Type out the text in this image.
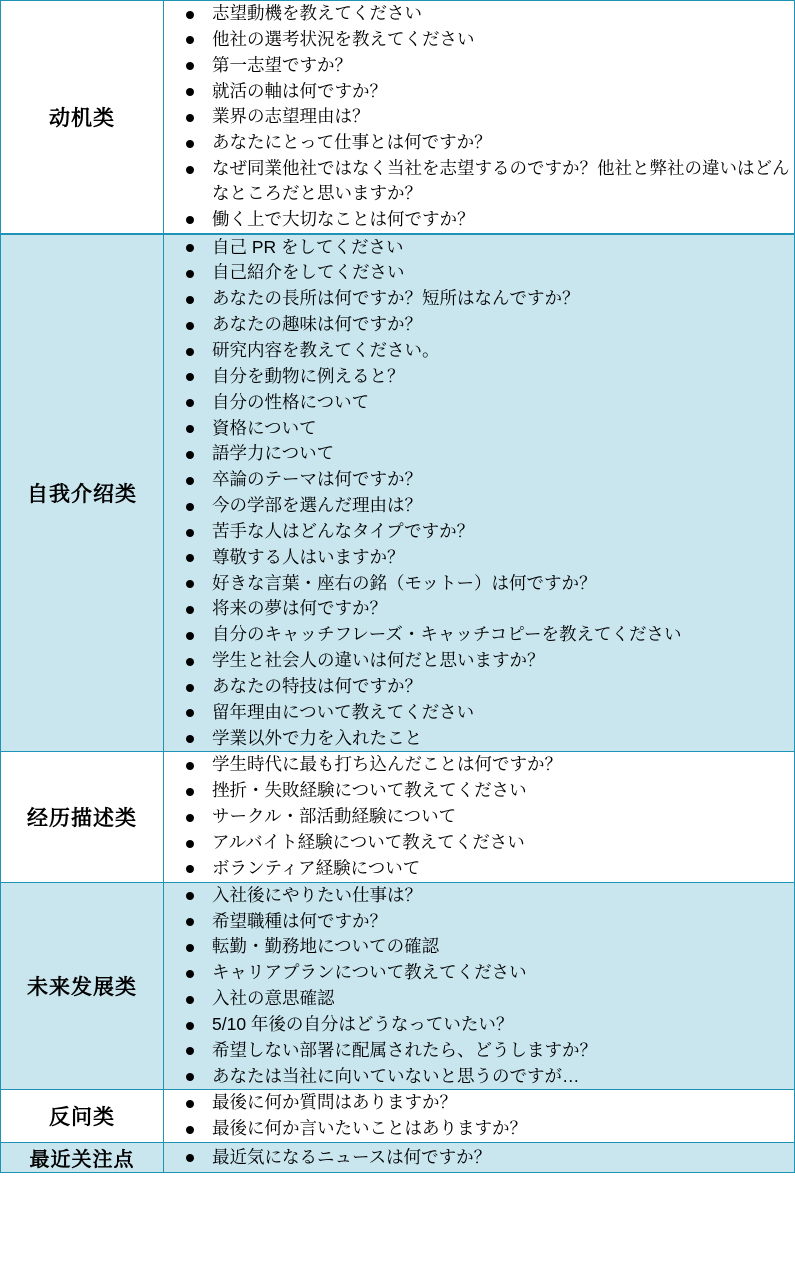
动机类	
志望動機を教えてください
他社の選考状況を教えてください
第一志望ですか？
就活の軸は何ですか？
業界の志望理由は？
あなたにとって仕事とは何ですか？
なぜ同業他社ではなく当社を志望するのですか？他社と弊社の違いはどんなところだと思いますか？
働く上で大切なことは何ですか？

自我介绍类	
自己 PR をしてください
自己紹介をしてください
あなたの長所は何ですか？短所はなんですか？
あなたの趣味は何ですか？
研究内容を教えてください。
自分を動物に例えると？
自分の性格について
資格について
語学力について
卒論のテーマは何ですか？
今の学部を選んだ理由は？
苦手な人はどんなタイプですか？
尊敬する人はいますか？
好きな言葉・座右の銘（モットー）は何ですか？
将来の夢は何ですか？
自分のキャッチフレーズ・キャッチコピーを教えてください
学生と社会人の違いは何だと思いますか？
あなたの特技は何ですか？
留年理由について教えてください
学業以外で力を入れたこと

经历描述类	
学生時代に最も打ち込んだことは何ですか？
挫折・失敗経験について教えてください
サークル・部活動経験について
アルバイト経験について教えてください
ボランティア経験について

未来发展类	
入社後にやりたい仕事は？
希望職種は何ですか？
転勤・勤務地についての確認
キャリアプランについて教えてください
入社の意思確認
5/10 年後の自分はどうなっていたい？
希望しない部署に配属されたら、どうしますか？
あなたは当社に向いていないと思うのですが…

反问类	
最後に何か質問はありますか？
最後に何か言いたいことはありますか？

最近关注点	最近気になるニュースは何ですか？
